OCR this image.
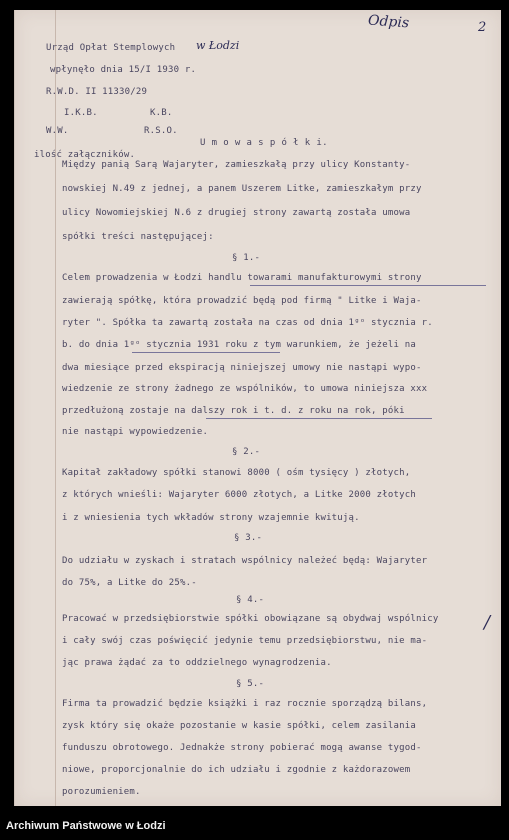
Odpis	2
w Łodzi
/
Urząd Opłat Stemplowych
wpłynęło dnia 15/I 1930 r.
R.W.D. II 11330/29
I.K.B.	K.B.
W.W.	R.S.O.
ilość załączników.
U m o w a s p ó ł k i.
Między panią Sarą Wajaryter, zamieszkałą przy ulicy Konstanty-
nowskiej N.49 z jednej, a panem Uszerem Litke, zamieszkałym przy
ulicy Nowomiejskiej N.6 z drugiej strony zawartą została umowa
spółki treści następującej:
§ 1.-
Celem prowadzenia w Łodzi handlu towarami manufakturowymi strony
zawierają spółkę, która prowadzić będą pod firmą " Litke i Waja-
ryter ". Spółka ta zawartą została na czas od dnia 1ᵍᵒ stycznia r.
b. do dnia 1ᵍᵒ stycznia 1931 roku z tym warunkiem, że jeżeli na
dwa miesiące przed ekspiracją niniejszej umowy nie nastąpi wypo-
wiedzenie ze strony żadnego ze wspólników, to umowa niniejsza xxx
przedłużoną zostaje na dalszy rok i t. d. z roku na rok, póki
nie nastąpi wypowiedzenie.
§ 2.-
Kapitał zakładowy spółki stanowi 8000 ( ośm tysięcy ) złotych,
z których wnieśli: Wajaryter 6000 złotych, a Litke 2000 złotych
i z wniesienia tych wkładów strony wzajemnie kwitują.
§ 3.-
Do udziału w zyskach i stratach wspólnicy należeć będą: Wajaryter
do 75%, a Litke do 25%.-
§ 4.-
Pracować w przedsiębiorstwie spółki obowiązane są obydwaj wspólnicy
i cały swój czas poświęcić jedynie temu przedsiębiorstwu, nie ma-
jąc prawa żądać za to oddzielnego wynagrodzenia.
§ 5.-
Firma ta prowadzić będzie książki i raz rocznie sporządzą bilans,
zysk który się okaże pozostanie w kasie spółki, celem zasilania
funduszu obrotowego. Jednakże strony pobierać mogą awanse tygod-
niowe, proporcjonalnie do ich udziału i zgodnie z każdorazowem
porozumieniem.
Archiwum Państwowe w Łodzi
